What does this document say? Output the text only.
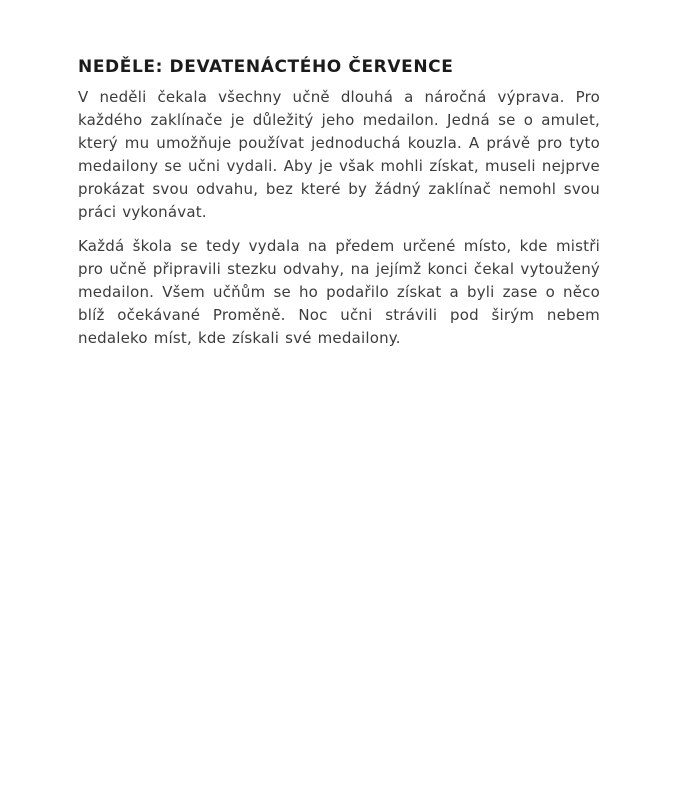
NEDĚLE: DEVATENÁCTÉHO ČERVENCE

V neděli čekala všechny učně dlouhá a náročná výprava. Pro každého zaklínače je důležitý jeho medailon. Jedná se o amulet, který mu umožňuje používat jednoduchá kouzla. A právě pro tyto medailony se učni vydali. Aby je však mohli získat, museli nejprve prokázat svou odvahu, bez které by žádný zaklínač nemohl svou práci vykonávat.

Každá škola se tedy vydala na předem určené místo, kde mistři pro učně připravili stezku odvahy, na jejímž konci čekal vytoužený medailon. Všem učňům se ho podařilo získat a byli zase o něco blíž očekávané Proměně. Noc učni strávili pod širým nebem nedaleko míst, kde získali své medailony.
